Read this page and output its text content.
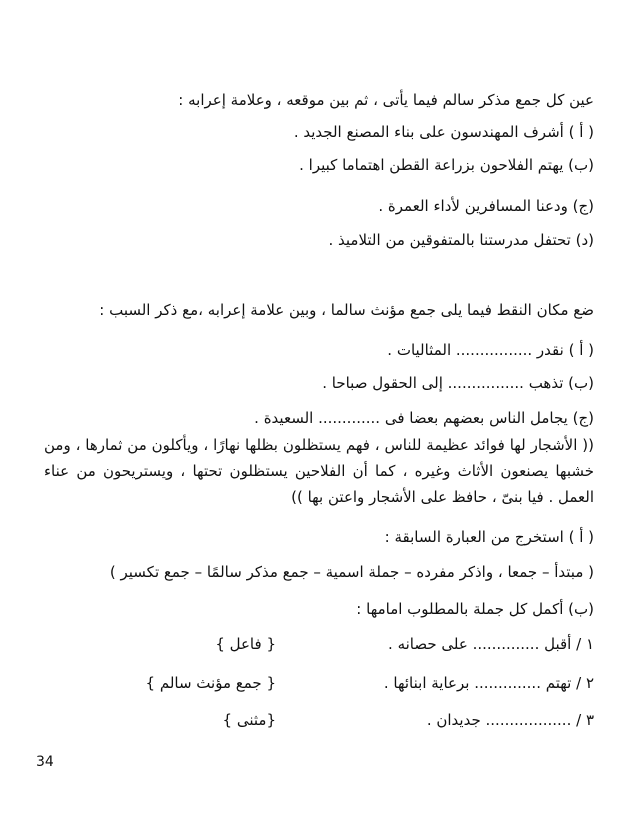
عين كل جمع مذكر سالم فيما يأتى ، ثم بين موقعه ، وعلامة إعرابه :
( أ ) أشرف المهندسون على بناء المصنع الجديد .
(ب) يهتم الفلاحون بزراعة القطن اهتماما كبيرا .
(ج) ودعنا المسافرين لأداء العمرة .
(د) تحتفل مدرستنا بالمتفوقين من التلاميذ .
ضع مكان النقط فيما يلى جمع مؤنث سالما ، وبين علامة إعرابه ،مع ذكر السبب :
( أ ) نقدر ................ المثاليات .
(ب) تذهب ................ إلى الحقول صباحا .
(ج) يجامل الناس بعضهم بعضا فى ............. السعيدة .
(( الأشجار لها فوائد عظيمة للناس ، فهم يستظلون بظلها نهارًا ، ويأكلون من ثمارها ، ومن خشبها يصنعون الأثاث وغيره ، كما أن الفلاحين يستظلون تحتها ، ويستريحون من عناء العمل . فيا بنىّ ، حافظ على الأشجار واعتن بها ))
( أ ) استخرج من العبارة السابقة :
( مبتدأ – جمعا ، واذكر مفرده – جملة اسمية – جمع مذكر سالمًا – جمع تكسير )
(ب) أكمل كل جملة بالمطلوب امامها :
١ / أقبل .............. على حصانه .
{ فاعل }
٢ / تهتم .............. برعاية ابنائها .
{ جمع مؤنث سالم }
٣ / .................. جديدان .
{مثنى }
34
